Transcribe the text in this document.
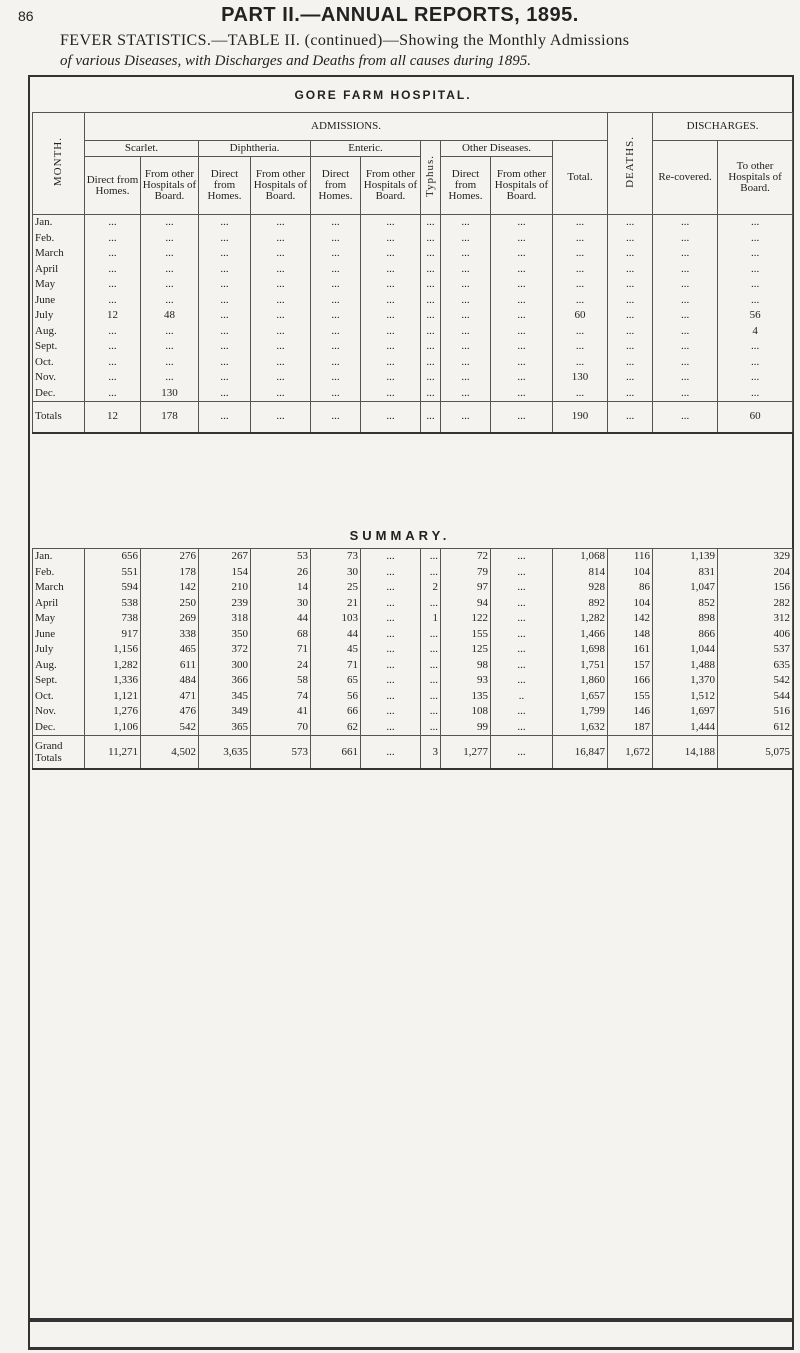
86	PART II.—ANNUAL REPORTS, 1895.
FEVER STATISTICS.—TABLE II. (continued)—Showing the Monthly Admissions
of various Diseases, with Discharges and Deaths from all causes during 1895.
GORE FARM HOSPITAL.
MONTH.	ADMISSIONS.										DEATHS.	DISCHARGES.	
	Scarlet.		Diphtheria.		Enteric.		Typhus.	Other Diseases.		Total.		Re-covered.	To other Hospitals of Board.
	Direct from Homes.	From other Hospitals of Board.	Direct from Homes.	From other Hospitals of Board.	Direct from Homes.	From other Hospitals of Board.		Direct from Homes.	From other Hospitals of Board.				
Jan.	...	...	...	...	...	...	...	...	...	...	...	...	...
Feb.	...	...	...	...	...	...	...	...	...	...	...	...	...
March	...	...	...	...	...	...	...	...	...	...	...	...	...
April	...	...	...	...	...	...	...	...	...	...	...	...	...
May	...	...	...	...	...	...	...	...	...	...	...	...	...
June	...	...	...	...	...	...	...	...	...	...	...	...	...
July	12	48	...	...	...	...	...	...	...	60	...	...	56
Aug.	...	...	...	...	...	...	...	...	...	...	...	...	4
Sept.	...	...	...	...	...	...	...	...	...	...	...	...	...
Oct.	...	...	...	...	...	...	...	...	...	...	...	...	...
Nov.	...	...	...	...	...	...	...	...	...	130	...	...	...
Dec.	...	130	...	...	...	...	...	...	...	...	...	...	...
Totals	12	178	...	...	...	...	...	...	...	190	...	...	60
SUMMARY.
Jan.	656	276	267	53	73	...	...	72	...	1,068	116	1,139	329
Feb.	551	178	154	26	30	...	...	79	...	814	104	831	204
March	594	142	210	14	25	...	2	97	...	928	86	1,047	156
April	538	250	239	30	21	...	...	94	...	892	104	852	282
May	738	269	318	44	103	...	1	122	...	1,282	142	898	312
June	917	338	350	68	44	...	...	155	...	1,466	148	866	406
July	1,156	465	372	71	45	...	...	125	...	1,698	161	1,044	537
Aug.	1,282	611	300	24	71	...	...	98	...	1,751	157	1,488	635
Sept.	1,336	484	366	58	65	...	...	93	...	1,860	166	1,370	542
Oct.	1,121	471	345	74	56	...	...	135	..	1,657	155	1,512	544
Nov.	1,276	476	349	41	66	...	...	108	...	1,799	146	1,697	516
Dec.	1,106	542	365	70	62	...	...	99	...	1,632	187	1,444	612
Grand Totals	11,271	4,502	3,635	573	661	...	3	1,277	...	16,847	1,672	14,188	5,075
